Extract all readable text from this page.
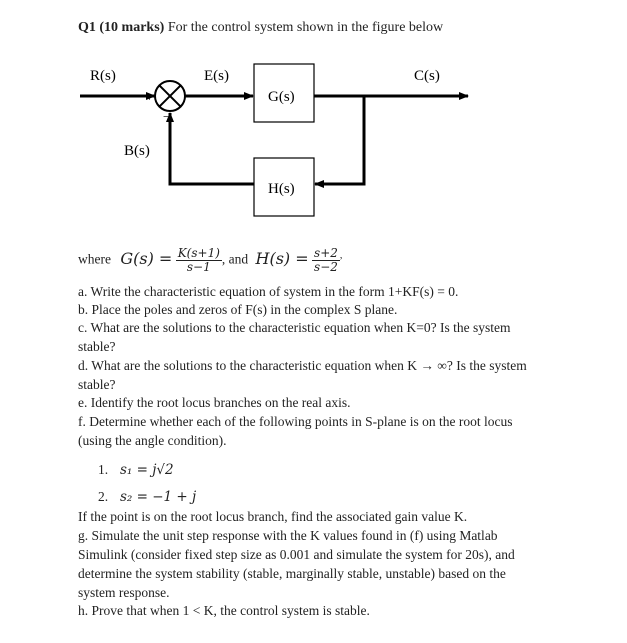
Q1 (10 marks) For the control system shown in the figure below
+
−
R(s)	E(s)	C(s)
B(s)
G(s)
H(s)
where $G(s) = \frac{K(s+1)}{s-1}$ , and $H(s) = \frac{s+2}{s-2} ^,$
a. Write the characteristic equation of system in the form 1+KF(s) = 0.
b. Place the poles and zeros of F(s) in the complex S plane.
c. What are the solutions to the characteristic equation when K=0? Is the system
stable?
d. What are the solutions to the characteristic equation when K → ∞? Is the system
stable?
e. Identify the root locus branches on the real axis.
f. Determine whether each of the following points in S-plane is on the root locus
(using the angle condition).
1. s₁ = j√2
2. s₂ = −1 + j
If the point is on the root locus branch, find the associated gain value K.
g. Simulate the unit step response with the K values found in (f) using Matlab
Simulink (consider fixed step size as 0.001 and simulate the system for 20s), and
determine the system stability (stable, marginally stable, unstable) based on the
system response.
h. Prove that when 1 < K, the control system is stable.
